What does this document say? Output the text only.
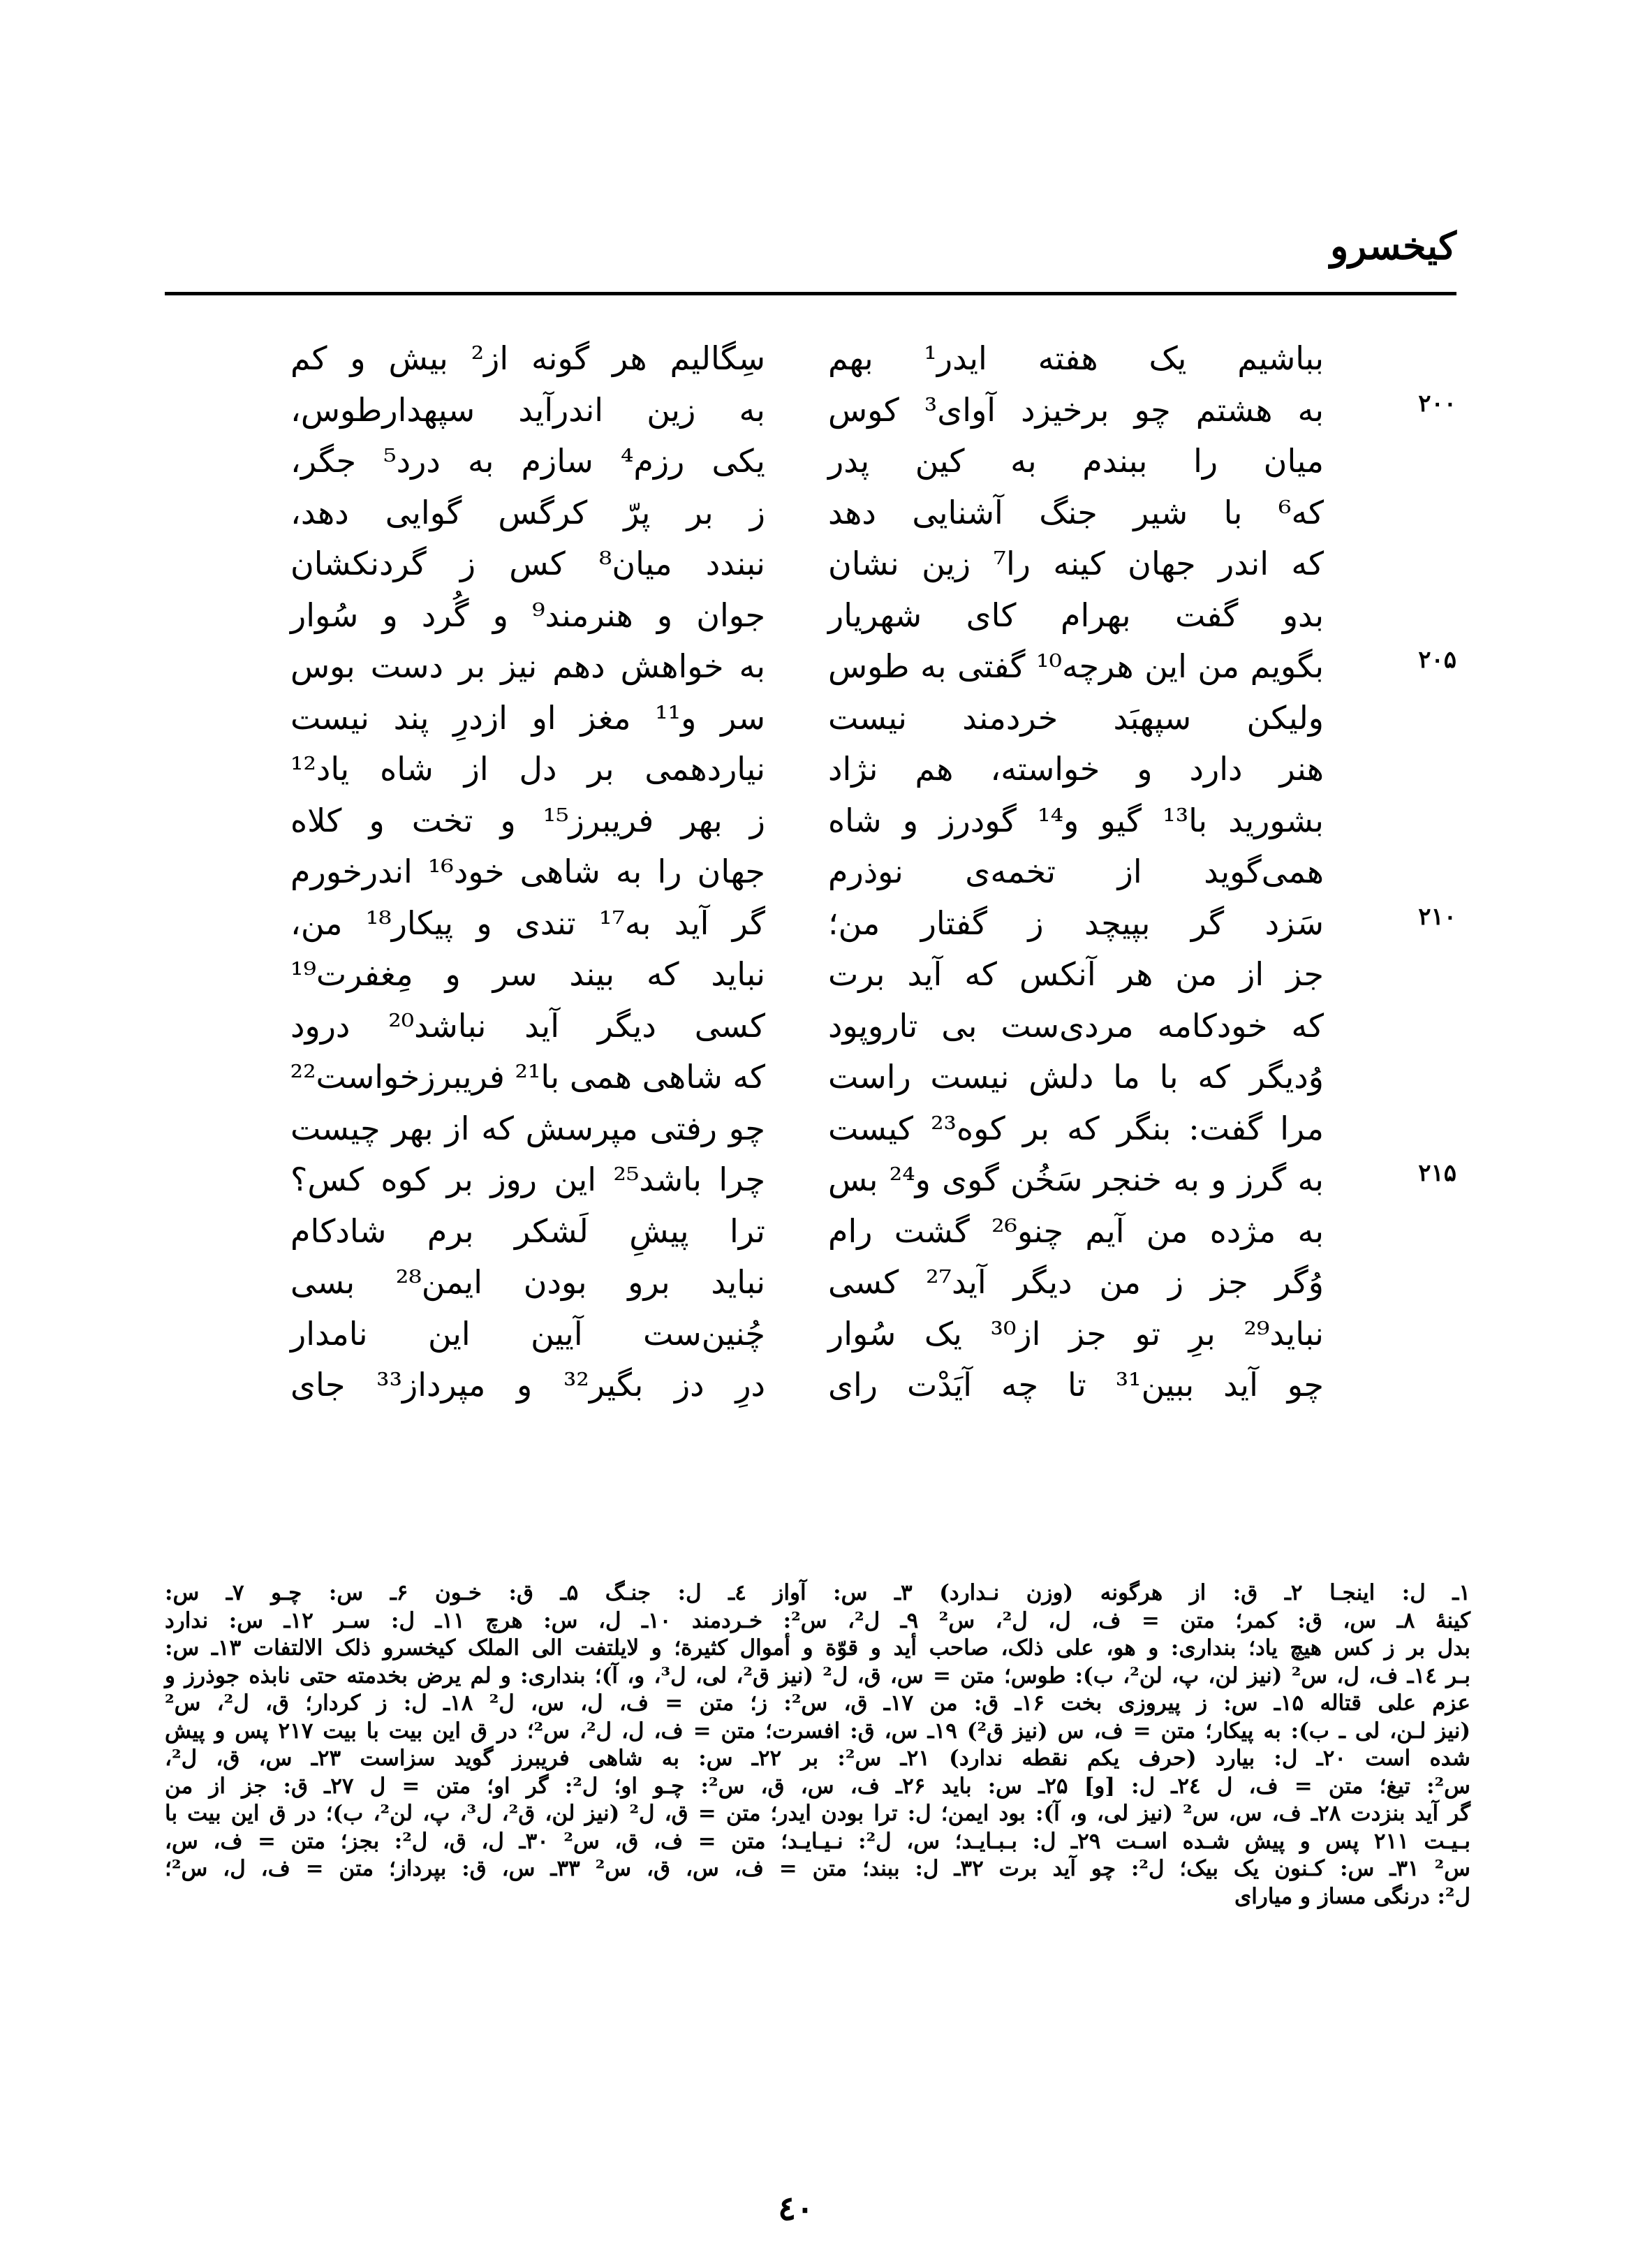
کیخسرو
بباشیم یک هفته ایدر¹ بهم
سِگالیم هر گونه از² بیش و کم
۲۰۰
به هشتم چو برخیزد آوای³ کوس
به زین اندرآید سپهدارطوس،
میان را ببندم به کین پدر
یکی رزم⁴ سازم به درد⁵ جگر،
که⁶ با شیر جنگ آشنایی دهد
ز بر پرّ کرگس گوایی دهد،
که اندر جهان کینه را⁷ زین نشان
نبندد میان⁸ کس ز گردنکشان
بدو گفت بهرام کای شهریار
جوان و هنرمند⁹ و گُرد و سُوار
۲۰۵
بگویم من این هرچه¹⁰ گفتی به طوس
به خواهش دهم نیز بر دست بوس
ولیکن سپهبَد خردمند نیست
سر و¹¹ مغز او ازدرِ پند نیست
هنر دارد و خواسته، هم نژاد
نیاردهمی بر دل از شاه یاد¹²
بشورید با¹³ گیو و¹⁴ گودرز و شاه
ز بهر فریبرز¹⁵ و تخت و کلاه
همی‌گوید از تخمه‌ی نوذرم
جهان را به شاهی خود¹⁶ اندرخورم
۲۱۰
سَزد گر بپیچد ز گفتار من؛
گر آید به¹⁷ تندی و پیکار¹⁸ من،
جز از من هر آنکس که آید برت
نباید که بیند سر و مِغفرت¹⁹
که خودکامه مردی‌ست بی تاروپود
کسی دیگر آید نباشد²⁰ درود
وُدیگر که با ما دلش نیست راست
که شاهی همی با²¹ فریبرزخواست²²
مرا گفت: بنگر که بر کوه²³ کیست
چو رفتی مپرسش که از بهر چیست
۲۱۵
به گرز و به خنجر سَخُن گوی و²⁴ بس
چرا باشد²⁵ این روز بر کوه کس؟
به مژده من آیم چنو²⁶ گشت رام
ترا پیشِ لَشکر برم شادکام
وُگر جز ز من دیگر آید²⁷ کسی
نباید برو بودن ایمن²⁸ بسی
نباید²⁹ برِ تو جز از³⁰ یک سُوار
چُنین‌ست آیین این نامدار
چو آید ببین³¹ تا چه آیَدْت رای
درِ دز بگیر³² و مپرداز³³ جای
۱ـ ل: اینجـا ۲ـ ق: از هرگونه (وزن نـدارد) ۳ـ س: آواز ٤ـ ل: جنـگ ۵ـ ق: خـون ۶ـ س: چـو ۷ـ س:
کینهٔ ۸ـ س، ق: کمر؛ متن = ف، ل، ل²، س² ۹ـ ل²، س²: خـردمند ۱۰ـ ل، س: هرچ ۱۱ـ ل: سـر ۱۲ـ س: ندارد
بدل بر ز کس هیچ یاد؛ بنداری: و هو، علی ذلک، صاحب أید و قوّة و أموال کثیرة؛ و لایلتفت الی الملک کیخسرو ذلک الالتفات ۱۳ـ س:
بـر ١٤ـ ف، ل، س² (نیز لن، پ، لن²، ب): طوس؛ متن = س، ق، ل² (نیز ق²، لی، ل³، و، آ)؛ بنداری: و لم یرض بخدمته حتی نابذه جوذرز و
عزم علی قتاله ۱۵ـ س: ز پیروزی بخت ۱۶ـ ق: من ۱۷ـ ق، س²: ز؛ متن = ف، ل، س، ل² ۱۸ـ ل: ز کردار؛ ق، ل²، س²
(نیز لـن، لی ـ ب): به پیکار؛ متن = ف، س (نیز ق²) ۱۹ـ س، ق: افسرت؛ متن = ف، ل، ل²، س²؛ در ق این بیت با بیت ۲۱۷ پس و پیش
شده است ۲۰ـ ل: بیارد (حرف یکم نقطه ندارد) ۲۱ـ س²: بر ۲۲ـ س: به شاهی فریبرز گوید سزاست ۲۳ـ س، ق، ل²،
س²: تیغ؛ متن = ف، ل ٢٤ـ ل: [و] ۲۵ـ س: باید ۲۶ـ ف، س، ق، س²: چـو او؛ ل²: گر او؛ متن = ل ۲۷ـ ق: جز از من
گر آید بنزدت ۲۸ـ ف، س، س² (نیز لی، و، آ): بود ایمن؛ ل: ترا بودن ایدر؛ متن = ق، ل² (نیز لن، ق²، ل³، پ، لن²، ب)؛ در ق این بیت با
بـیـت ۲۱۱ پس و پیش شـده اسـت ۲۹ـ ل: بـبـایـد؛ س، ل²: نـیـایـد؛ متن = ف، ق، س² ۳۰ـ ل، ق، ل²: بجز؛ متن = ف، س،
س² ۳۱ـ س: کـنون یک بیک؛ ل²: چو آید برت ۳۲ـ ل: ببند؛ متن = ف، س، ق، س² ۳۳ـ س، ق: بپرداز؛ متن = ف، ل، س²؛
ل²: درنگی مساز و میارای
٤۰
